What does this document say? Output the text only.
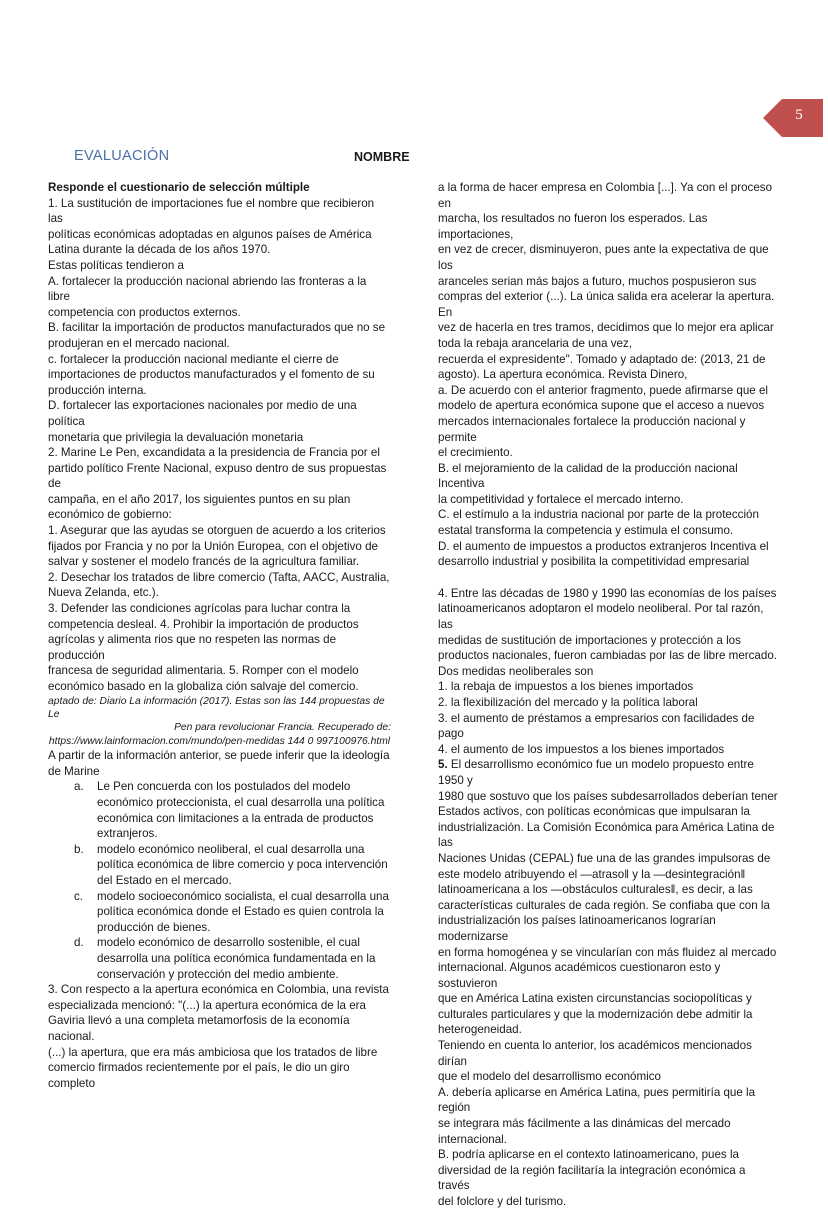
5
EVALUACIÓN	NOMBRE

Responde el cuestionario de selección múltiple

1. La sustitución de importaciones fue el nombre que recibieron las

políticas económicas adoptadas en algunos países de América

Latina durante la década de los años 1970.

Estas políticas tendieron a

A. fortalecer la producción nacional abriendo las fronteras a la libre

competencia con productos externos.

B. facilitar la importación de productos manufacturados que no se

produjeran en el mercado nacional.

c. fortalecer la producción nacional mediante el cierre de

importaciones de productos manufacturados y el fomento de su

producción interna.

D. fortalecer las exportaciones nacionales por medio de una política

monetaria que privilegia la devaluación monetaria

2. Marine Le Pen, excandidata a la presidencia de Francia por el

partido político Frente Nacional, expuso dentro de sus propuestas de

campaña, en el año 2017, los siguientes puntos en su plan

económico de gobierno:

1. Asegurar que las ayudas se otorguen de acuerdo a los criterios

fijados por Francia y no por la Unión Europea, con el objetivo de

salvar y sostener el modelo francés de la agricultura familiar.

2. Desechar los tratados de libre comercio (Tafta, AACC, Australia,

Nueva Zelanda, etc.).

3. Defender las condiciones agrícolas para luchar contra la

competencia desleal. 4. Prohibir la importación de productos

agrícolas y alimenta rios que no respeten las normas de producción

francesa de seguridad alimentaria. 5. Romper con el modelo

económico basado en la globaliza ción salvaje del comercio.

aptado de: Diario La información (2017). Estas son las 144 propuestas de Le

Pen para revolucionar Francia. Recuperado de:

https://www.lainformacion.com/mundo/pen-medidas 144 0 997100976.html

A partir de la información anterior, se puede inferir que la ideología

de Marine

a.	Le Pen concuerda con los postulados del modelo

económico proteccionista, el cual desarrolla una política

económica con limitaciones a la entrada de productos

extranjeros.

b.	modelo económico neoliberal, el cual desarrolla una

política económica de libre comercio y poca intervención

del Estado en el mercado.

c.	modelo socioeconómico socialista, el cual desarrolla una

política económica donde el Estado es quien controla la

producción de bienes.

d.	modelo económico de desarrollo sostenible, el cual

desarrolla una política económica fundamentada en la

conservación y protección del medio ambiente.

3. Con respecto a la apertura económica en Colombia, una revista

especializada mencionó: "(...) la apertura económica de la era

Gaviria llevó a una completa metamorfosis de la economía nacional.

(...) la apertura, que era más ambiciosa que los tratados de libre

comercio firmados recientemente por el país, le dio un giro completo

a la forma de hacer empresa en Colombia [...]. Ya con el proceso en

marcha, los resultados no fueron los esperados. Las importaciones,

en vez de crecer, disminuyeron, pues ante la expectativa de que los

aranceles serian más bajos a futuro, muchos pospusieron sus

compras del exterior (...). La única salida era acelerar la apertura. En

vez de hacerla en tres tramos, decidimos que lo mejor era aplicar

toda la rebaja arancelaria de una vez,

recuerda el expresidente". Tomado y adaptado de: (2013, 21 de

agosto). La apertura económica. Revista Dinero,

a. De acuerdo con el anterior fragmento, puede afirmarse que el

modelo de apertura económica supone que el acceso a nuevos

mercados internacionales fortalece la producción nacional y permite

el crecimiento.

B. el mejoramiento de la calidad de la producción nacional Incentiva

la competitividad y fortalece el mercado interno.

C. el estímulo a la industria nacional por parte de la protección

estatal transforma la competencia y estimula el consumo.

D. el aumento de impuestos a productos extranjeros Incentiva el

desarrollo industrial y posibilita la competitividad empresarial

4. Entre las décadas de 1980 y 1990 las economías de los países

latinoamericanos adoptaron el modelo neoliberal. Por tal razón, las

medidas de sustitución de importaciones y protección a los

productos nacionales, fueron cambiadas por las de libre mercado.

Dos medidas neoliberales son

1. la rebaja de impuestos a los bienes importados

2. la flexibilización del mercado y la política laboral

3. el aumento de préstamos a empresarios con facilidades de pago

4. el aumento de los impuestos a los bienes importados

5. El desarrollismo económico fue un modelo propuesto entre 1950 y

1980 que sostuvo que los países subdesarrollados deberían tener

Estados activos, con políticas económicas que impulsaran la

industrialización. La Comisión Económica para América Latina de las

Naciones Unidas (CEPAL) fue una de las grandes impulsoras de

este modelo atribuyendo el ―atrasoǁ y la ―desintegraciónǁ

latinoamericana a los ―obstáculos culturalesǁ, es decir, a las

características culturales de cada región. Se confiaba que con la

industrialización los países latinoamericanos lograrían modernizarse

en forma homogénea y se vincularían con más fluidez al mercado

internacional. Algunos académicos cuestionaron esto y sostuvieron

que en América Latina existen circunstancias sociopolíticas y

culturales particulares y que la modernización debe admitir la

heterogeneidad.

Teniendo en cuenta lo anterior, los académicos mencionados dirían

que el modelo del desarrollismo económico

A. debería aplicarse en América Latina, pues permitiría que la región

se integrara más fácilmente a las dinámicas del mercado

internacional.

B. podría aplicarse en el contexto latinoamericano, pues la

diversidad de la región facilitaría la integración económica a través

del folclore y del turismo.
